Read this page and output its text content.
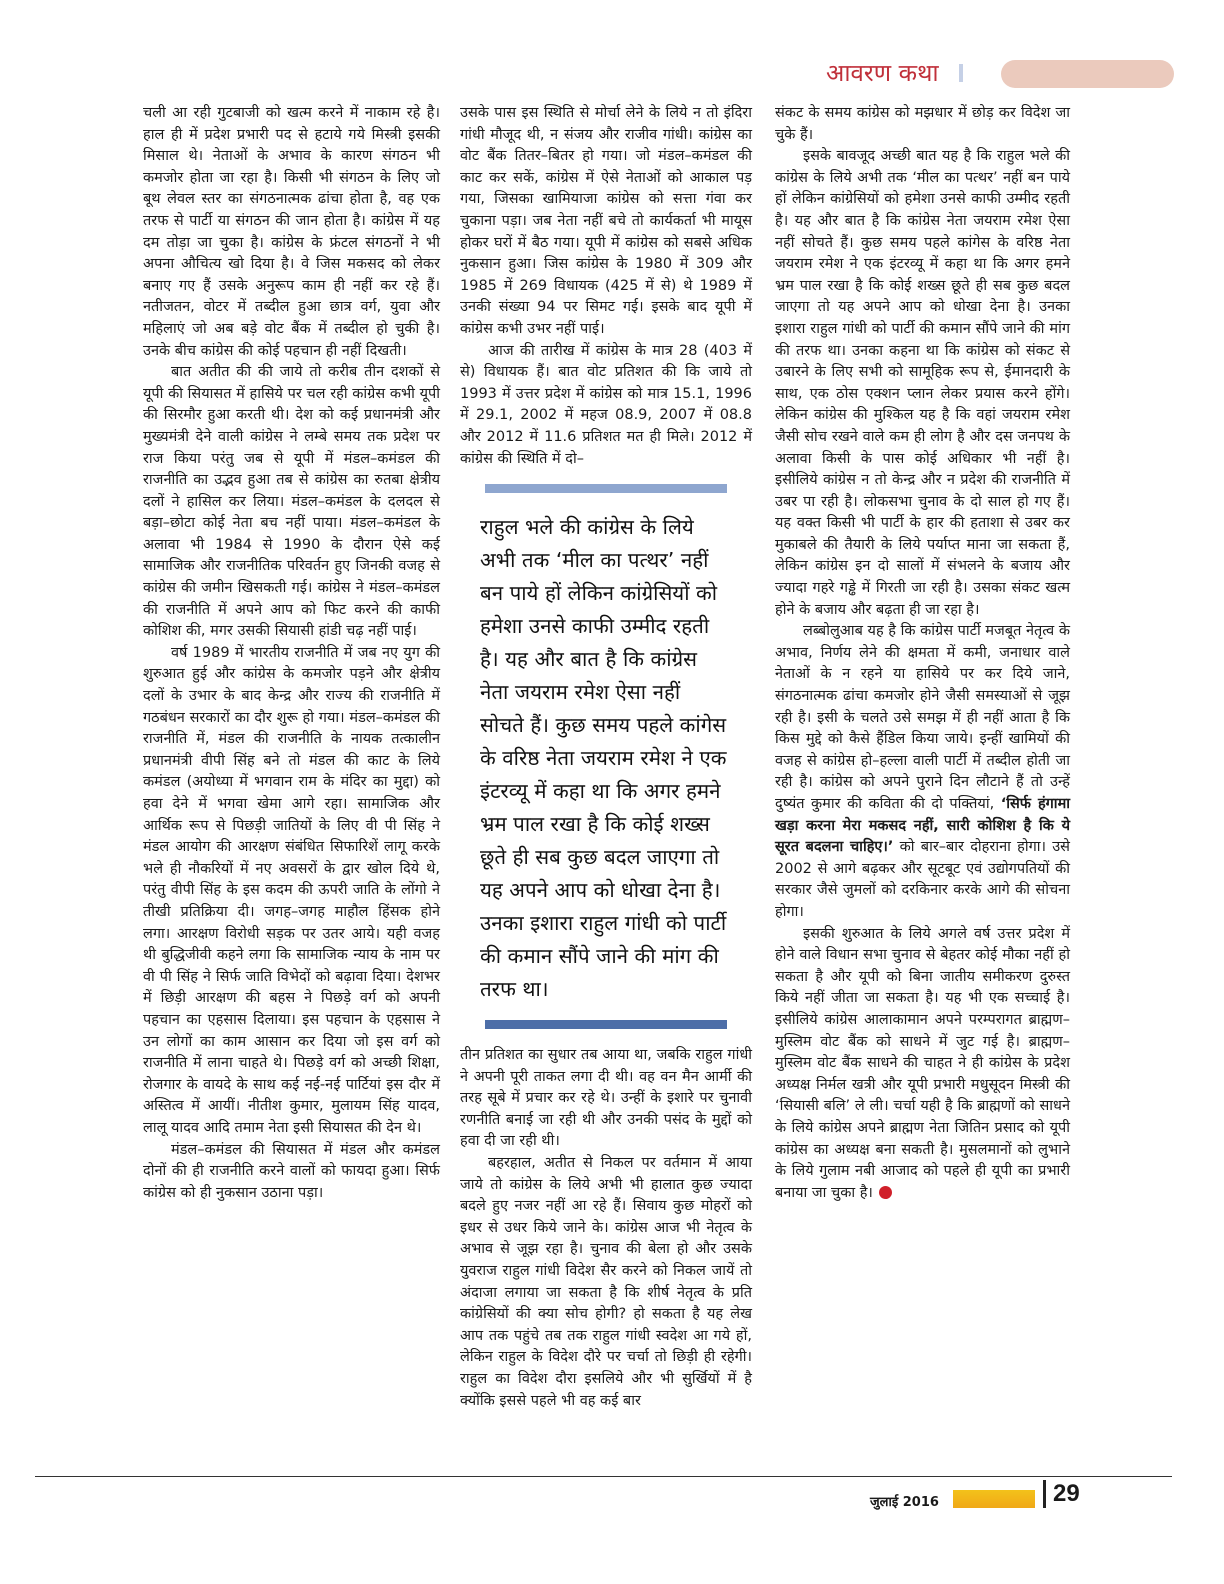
आवरण कथा

चली आ रही गुटबाजी को खत्म करने में नाकाम रहे है। हाल ही में प्रदेश प्रभारी पद से हटाये गये मिस्त्री इसकी मिसाल थे। नेताओं के अभाव के कारण संगठन भी कमजोर होता जा रहा है। किसी भी संगठन के लिए जो बूथ लेवल स्तर का संगठनात्मक ढांचा होता है, वह एक तरफ से पार्टी या संगठन की जान होता है। कांग्रेस में यह दम तोड़ा जा चुका है। कांग्रेस के फ्रंटल संगठनों ने भी अपना औचित्य खो दिया है। वे जिस मकसद को लेकर बनाए गए हैं उसके अनुरूप काम ही नहीं कर रहे हैं। नतीजतन, वोटर में तब्दील हुआ छात्र वर्ग, युवा और महिलाएं जो अब बड़े वोट बैंक में तब्दील हो चुकी है। उनके बीच कांग्रेस की कोई पहचान ही नहीं दिखती।

बात अतीत की की जाये तो करीब तीन दशकों से यूपी की सियासत में हासिये पर चल रही कांग्रेस कभी यूपी की सिरमौर हुआ करती थी। देश को कई प्रधानमंत्री और मुख्यमंत्री देने वाली कांग्रेस ने लम्बे समय तक प्रदेश पर राज किया परंतु जब से यूपी में मंडल–कमंडल की राजनीति का उद्भव हुआ तब से कांग्रेस का रुतबा क्षेत्रीय दलों ने हासिल कर लिया। मंडल–कमंडल के दलदल से बड़ा–छोटा कोई नेता बच नहीं पाया। मंडल–कमंडल के अलावा भी 1984 से 1990 के दौरान ऐसे कई सामाजिक और राजनीतिक परिवर्तन हुए जिनकी वजह से कांग्रेस की जमीन खिसकती गई। कांग्रेस ने मंडल–कमंडल की राजनीति में अपने आप को फिट करने की काफी कोशिश की, मगर उसकी सियासी हांडी चढ़ नहीं पाई।

वर्ष 1989 में भारतीय राजनीति में जब नए युग की शुरुआत हुई और कांग्रेस के कमजोर पड़ने और क्षेत्रीय दलों के उभार के बाद केन्द्र और राज्य की राजनीति में गठबंधन सरकारों का दौर शुरू हो गया। मंडल–कमंडल की राजनीति में, मंडल की राजनीति के नायक तत्कालीन प्रधानमंत्री वीपी सिंह बने तो मंडल की काट के लिये कमंडल (अयोध्या में भगवान राम के मंदिर का मुद्दा) को हवा देने में भगवा खेमा आगे रहा। सामाजिक और आर्थिक रूप से पिछड़ी जातियों के लिए वी पी सिंह ने मंडल आयोग की आरक्षण संबंधित सिफारिशें लागू करके भले ही नौकरियों में नए अवसरों के द्वार खोल दिये थे, परंतु वीपी सिंह के इस कदम की ऊपरी जाति के लोंगो ने तीखी प्रतिक्रिया दी। जगह–जगह माहौल हिंसक होने लगा। आरक्षण विरोधी सड़क पर उतर आये। यही वजह थी बुद्धिजीवी कहने लगा कि सामाजिक न्याय के नाम पर वी पी सिंह ने सिर्फ जाति विभेदों को बढ़ावा दिया। देशभर में छिड़ी आरक्षण की बहस ने पिछड़े वर्ग को अपनी पहचान का एहसास दिलाया। इस पहचान के एहसास ने उन लोगों का काम आसान कर दिया जो इस वर्ग को राजनीति में लाना चाहते थे। पिछड़े वर्ग को अच्छी शिक्षा, रोजगार के वायदे के साथ कई नई-नई पार्टियां इस दौर में अस्तित्व में आयीं। नीतीश कुमार, मुलायम सिंह यादव, लालू यादव आदि तमाम नेता इसी सियासत की देन थे।

मंडल–कमंडल की सियासत में मंडल और कमंडल दोनों की ही राजनीति करने वालों को फायदा हुआ। सिर्फ कांग्रेस को ही नुकसान उठाना पड़ा।

उसके पास इस स्थिति से मोर्चा लेने के लिये न तो इंदिरा गांधी मौजूद थी, न संजय और राजीव गांधी। कांग्रेस का वोट बैंक तितर–बितर हो गया। जो मंडल–कमंडल की काट कर सकें, कांग्रेस में ऐसे नेताओं को आकाल पड़ गया, जिसका खामियाजा कांग्रेस को सत्ता गंवा कर चुकाना पड़ा। जब नेता नहीं बचे तो कार्यकर्ता भी मायूस होकर घरों में बैठ गया। यूपी में कांग्रेस को सबसे अधिक नुकसान हुआ। जिस कांग्रेस के 1980 में 309 और 1985 में 269 विधायक (425 में से) थे 1989 में उनकी संख्या 94 पर सिमट गई। इसके बाद यूपी में कांग्रेस कभी उभर नहीं पाई।

आज की तारीख में कांग्रेस के मात्र 28 (403 में से) विधायक हैं। बात वोट प्रतिशत की कि जाये तो 1993 में उत्तर प्रदेश में कांग्रेस को मात्र 15.1, 1996 में 29.1, 2002 में महज 08.9, 2007 में 08.8 और 2012 में 11.6 प्रतिशत मत ही मिले। 2012 में कांग्रेस की स्थिति में दो–

राहुल भले की कांग्रेस के लिये अभी तक ‘मील का पत्थर’ नहीं बन पाये हों लेकिन कांग्रेसियों को हमेशा उनसे काफी उम्मीद रहती है। यह और बात है कि कांग्रेस नेता जयराम रमेश ऐसा नहीं सोचते हैं। कुछ समय पहले कांगेस के वरिष्ठ नेता जयराम रमेश ने एक इंटरव्यू में कहा था कि अगर हमने भ्रम पाल रखा है कि कोई शख्स छूते ही सब कुछ बदल जाएगा तो यह अपने आप को धोखा देना है। उनका इशारा राहुल गांधी को पार्टी की कमान सौंपे जाने की मांग की तरफ था।

तीन प्रतिशत का सुधार तब आया था, जबकि राहुल गांधी ने अपनी पूरी ताकत लगा दी थी। वह वन मैन आर्मी की तरह सूबे में प्रचार कर रहे थे। उन्हीं के इशारे पर चुनावी रणनीति बनाई जा रही थी और उनकी पसंद के मुद्दों को हवा दी जा रही थी।

बहरहाल, अतीत से निकल पर वर्तमान में आया जाये तो कांग्रेस के लिये अभी भी हालात कुछ ज्यादा बदले हुए नजर नहीं आ रहे हैं। सिवाय कुछ मोहरों को इधर से उधर किये जाने के। कांग्रेस आज भी नेतृत्व के अभाव से जूझ रहा है। चुनाव की बेला हो और उसके युवराज राहुल गांधी विदेश सैर करने को निकल जायें तो अंदाजा लगाया जा सकता है कि शीर्ष नेतृत्व के प्रति कांग्रेसियों की क्या सोच होगी? हो सकता है यह लेख आप तक पहुंचे तब तक राहुल गांधी स्वदेश आ गये हों, लेकिन राहुल के विदेश दौरे पर चर्चा तो छिड़ी ही रहेगी। राहुल का विदेश दौरा इसलिये और भी सुर्खियों में है क्योंकि इससे पहले भी वह कई बार

संकट के समय कांग्रेस को मझधार में छोड़ कर विदेश जा चुके हैं।

इसके बावजूद अच्छी बात यह है कि राहुल भले की कांग्रेस के लिये अभी तक ‘मील का पत्थर’ नहीं बन पाये हों लेकिन कांग्रेसियों को हमेशा उनसे काफी उम्मीद रहती है। यह और बात है कि कांग्रेस नेता जयराम रमेश ऐसा नहीं सोचते हैं। कुछ समय पहले कांगेस के वरिष्ठ नेता जयराम रमेश ने एक इंटरव्यू में कहा था कि अगर हमने भ्रम पाल रखा है कि कोई शख्स छूते ही सब कुछ बदल जाएगा तो यह अपने आप को धोखा देना है। उनका इशारा राहुल गांधी को पार्टी की कमान सौंपे जाने की मांग की तरफ था। उनका कहना था कि कांग्रेस को संकट से उबारने के लिए सभी को सामूहिक रूप से, ईमानदारी के साथ, एक ठोस एक्शन प्लान लेकर प्रयास करने होंगे। लेकिन कांग्रेस की मुश्किल यह है कि वहां जयराम रमेश जैसी सोच रखने वाले कम ही लोग है और दस जनपथ के अलावा किसी के पास कोई अधिकार भी नहीं है। इसीलिये कांग्रेस न तो केन्द्र और न प्रदेश की राजनीति में उबर पा रही है। लोकसभा चुनाव के दो साल हो गए हैं। यह वक्त किसी भी पार्टी के हार की हताशा से उबर कर मुकाबले की तैयारी के लिये पर्याप्त माना जा सकता हैं, लेकिन कांग्रेस इन दो सालों में संभलने के बजाय और ज्यादा गहरे गड्ढे में गिरती जा रही है। उसका संकट खत्म होने के बजाय और बढ़ता ही जा रहा है।

लब्बोलुआब यह है कि कांग्रेस पार्टी मजबूत नेतृत्व के अभाव, निर्णय लेने की क्षमता में कमी, जनाधार वाले नेताओं के न रहने या हासिये पर कर दिये जाने, संगठनात्मक ढांचा कमजोर होने जैसी समस्याओं से जूझ रही है। इसी के चलते उसे समझ में ही नहीं आता है कि किस मुद्दे को कैसे हैंडिल किया जाये। इन्हीं खामियों की वजह से कांग्रेस हो–हल्ला वाली पार्टी में तब्दील होती जा रही है। कांग्रेस को अपने पुराने दिन लौटाने हैं तो उन्हें दुष्यंत कुमार की कविता की दो पक्तियां, ‘सिर्फ हंगामा खड़ा करना मेरा मकसद नहीं, सारी कोशिश है कि ये सूरत बदलना चाहिए।’ को बार–बार दोहराना होगा। उसे 2002 से आगे बढ़कर और सूटबूट एवं उद्योगपतियों की सरकार जैसे जुमलों को दरकिनार करके आगे की सोचना होगा।

इसकी शुरुआत के लिये अगले वर्ष उत्तर प्रदेश में होने वाले विधान सभा चुनाव से बेहतर कोई मौका नहीं हो सकता है और यूपी को बिना जातीय समीकरण दुरुस्त किये नहीं जीता जा सकता है। यह भी एक सच्चाई है। इसीलिये कांग्रेस आलाकामान अपने परम्परागत ब्राह्मण–मुस्लिम वोट बैंक को साधने में जुट गई है। ब्राह्मण–मुस्लिम वोट बैंक साधने की चाहत ने ही कांग्रेस के प्रदेश अध्यक्ष निर्मल खत्री और यूपी प्रभारी मधुसूदन मिस्त्री की ‘सियासी बलि’ ले ली। चर्चा यही है कि ब्राह्मणों को साधने के लिये कांग्रेस अपने ब्राह्मण नेता जितिन प्रसाद को यूपी कांग्रेस का अध्यक्ष बना सकती है। मुसलमानों को लुभाने के लिये गुलाम नबी आजाद को पहले ही यूपी का प्रभारी बनाया जा चुका है।

जुलाई 2016	29
